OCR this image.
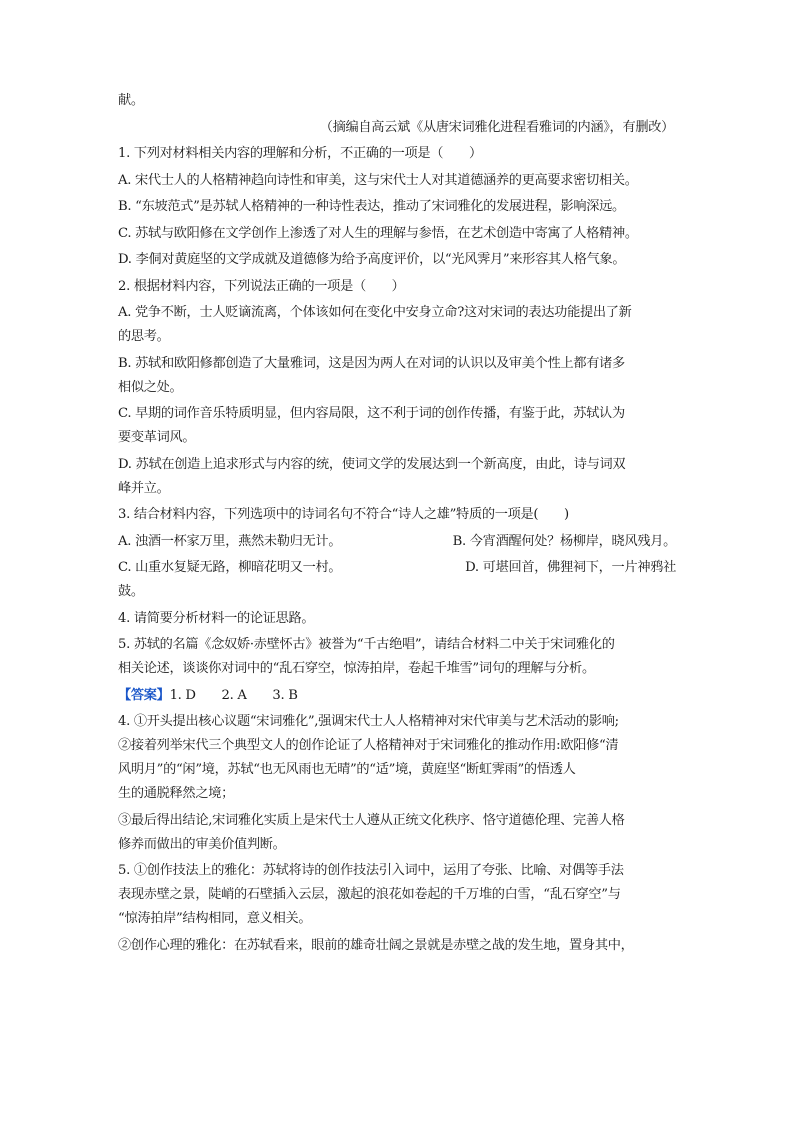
献。

（摘编自高云斌《从唐宋词雅化进程看雅词的内涵》，有删改）

1. 下列对材料相关内容的理解和分析，不正确的一项是（　　）

A. 宋代士人的人格精神趋向诗性和审美，这与宋代士人对其道德涵养的更高要求密切相关。

B. “东坡范式”是苏轼人格精神的一种诗性表达，推动了宋词雅化的发展进程，影响深远。

C. 苏轼与欧阳修在文学创作上渗透了对人生的理解与参悟，在艺术创造中寄寓了人格精神。

D. 李侗对黄庭坚的文学成就及道德修为给予高度评价，以“光风霁月”来形容其人格气象。

2. 根据材料内容，下列说法正确的一项是（　　）

A. 党争不断，士人贬谪流离，个体该如何在变化中安身立命?这对宋词的表达功能提出了新

的思考。

B. 苏轼和欧阳修都创造了大量雅词，这是因为两人在对词的认识以及审美个性上都有诸多

相似之处。

C. 早期的词作音乐特质明显，但内容局限，这不利于词的创作传播，有鉴于此，苏轼认为

要变革词风。

D. 苏轼在创造上追求形式与内容的统，使词文学的发展达到一个新高度，由此，诗与词双

峰并立。

3. 结合材料内容，下列选项中的诗词名句不符合“诗人之雄”特质的一项是(　　)

A. 浊酒一杯家万里，燕然未勒归无计。	B. 今宵酒醒何处？杨柳岸，晓风残月。
C. 山重水复疑无路，柳暗花明又一村。	D. 可堪回首，佛狸祠下，一片神鸦社

鼓。

4. 请简要分析材料一的论证思路。

5. 苏轼的名篇《念奴娇·赤壁怀古》被誉为“千古绝唱”，请结合材料二中关于宋词雅化的

相关论述，谈谈你对词中的“乱石穿空，惊涛拍岸，卷起千堆雪”词句的理解与分析。

【答案】1. D　　2. A　　3. B

4. ①开头提出核心议题“宋词雅化”,强调宋代士人人格精神对宋代审美与艺术活动的影响;

②接着列举宋代三个典型文人的创作论证了人格精神对于宋词雅化的推动作用:欧阳修“清

风明月”的“闲”境，苏轼“也无风雨也无晴”的“适”境，黄庭坚“断虹霁雨”的悟透人

生的通脱释然之境；

③最后得出结论,宋词雅化实质上是宋代士人遵从正统文化秩序、恪守道德伦理、完善人格

修养而做出的审美价值判断。

5. ①创作技法上的雅化：苏轼将诗的创作技法引入词中，运用了夸张、比喻、对偶等手法

表现赤壁之景，陡峭的石壁插入云层，激起的浪花如卷起的千万堆的白雪，“乱石穿空”与

“惊涛拍岸”结构相同，意义相关。

②创作心理的雅化：在苏轼看来，眼前的雄奇壮阔之景就是赤壁之战的发生地，置身其中，
